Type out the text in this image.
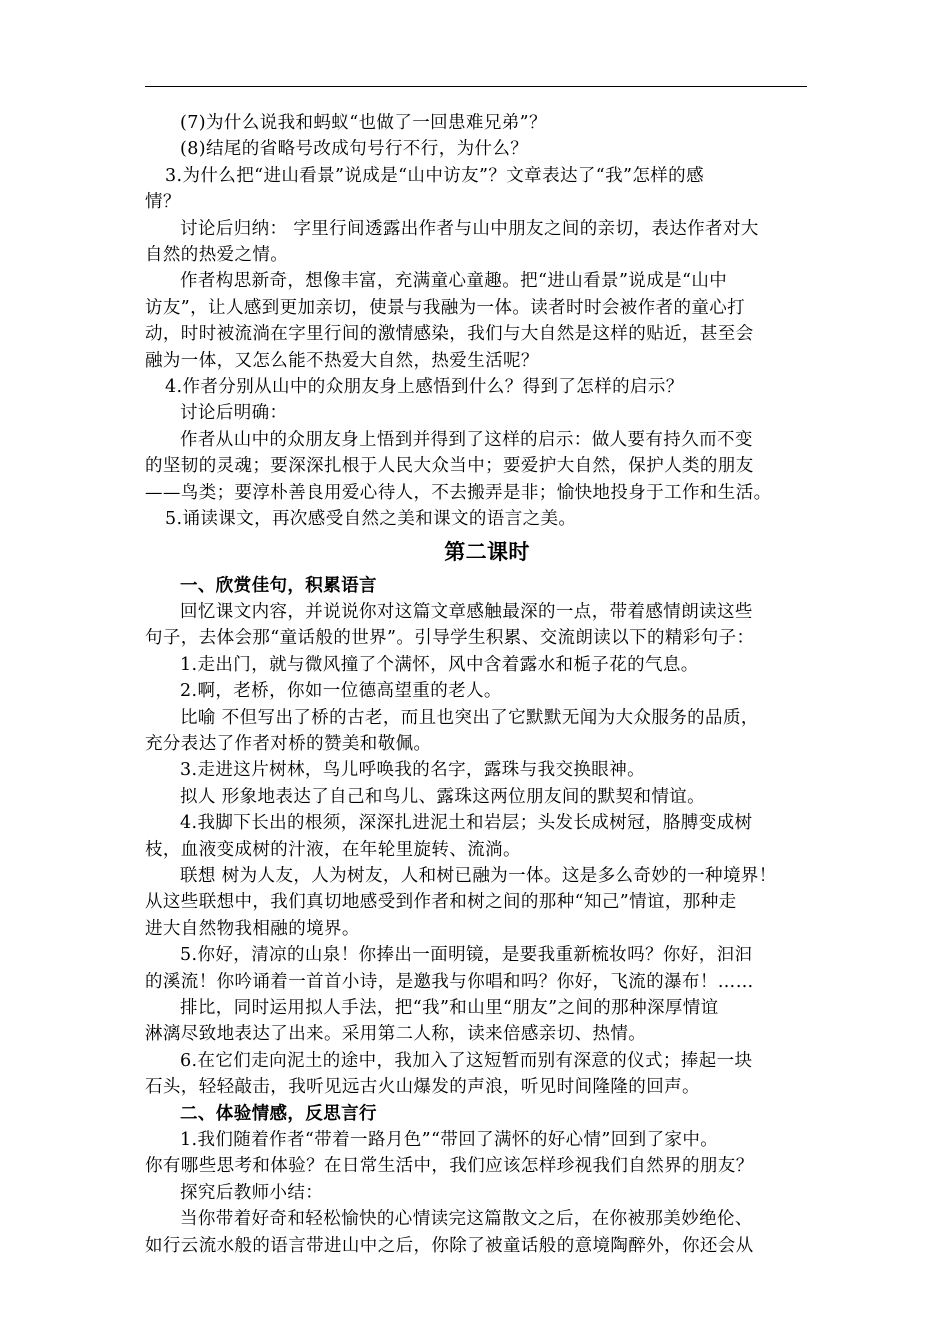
(7)为什么说我和蚂蚁“也做了一回患难兄弟”？

(8)结尾的省略号改成句号行不行，为什么？

3.为什么把“进山看景”说成是“山中访友”？文章表达了“我”怎样的感

情？

讨论后归纳： 字里行间透露出作者与山中朋友之间的亲切，表达作者对大

自然的热爱之情。

作者构思新奇，想像丰富，充满童心童趣。把“进山看景”说成是“山中

访友”，让人感到更加亲切，使景与我融为一体。读者时时会被作者的童心打

动，时时被流淌在字里行间的激情感染，我们与大自然是这样的贴近，甚至会

融为一体，又怎么能不热爱大自然，热爱生活呢？

4.作者分别从山中的众朋友身上感悟到什么？得到了怎样的启示？

讨论后明确：

作者从山中的众朋友身上悟到并得到了这样的启示：做人要有持久而不变

的坚韧的灵魂；要深深扎根于人民大众当中；要爱护大自然，保护人类的朋友

——鸟类；要淳朴善良用爱心待人，不去搬弄是非；愉快地投身于工作和生活。

5.诵读课文，再次感受自然之美和课文的语言之美。

第二课时

一、欣赏佳句，积累语言

回忆课文内容，并说说你对这篇文章感触最深的一点，带着感情朗读这些

句子，去体会那“童话般的世界”。引导学生积累、交流朗读以下的精彩句子：

1.走出门，就与微风撞了个满怀，风中含着露水和栀子花的气息。

2.啊，老桥，你如一位德高望重的老人。

比喻 不但写出了桥的古老，而且也突出了它默默无闻为大众服务的品质，

充分表达了作者对桥的赞美和敬佩。

3.走进这片树林，鸟儿呼唤我的名字，露珠与我交换眼神。

拟人 形象地表达了自己和鸟儿、露珠这两位朋友间的默契和情谊。

4.我脚下长出的根须，深深扎进泥土和岩层；头发长成树冠，胳膊变成树

枝，血液变成树的汁液，在年轮里旋转、流淌。

联想 树为人友，人为树友，人和树已融为一体。这是多么奇妙的一种境界！

从这些联想中，我们真切地感受到作者和树之间的那种“知己”情谊，那种走

进大自然物我相融的境界。

5.你好，清凉的山泉！你捧出一面明镜，是要我重新梳妆吗？你好，汩汩

的溪流！你吟诵着一首首小诗，是邀我与你唱和吗？你好，飞流的瀑布！……

排比，同时运用拟人手法，把“我”和山里“朋友”之间的那种深厚情谊

淋漓尽致地表达了出来。采用第二人称，读来倍感亲切、热情。

6.在它们走向泥土的途中，我加入了这短暂而别有深意的仪式；捧起一块

石头，轻轻敲击，我听见远古火山爆发的声浪，听见时间隆隆的回声。

二、体验情感，反思言行

1.我们随着作者“带着一路月色”“带回了满怀的好心情”回到了家中。

你有哪些思考和体验？在日常生活中，我们应该怎样珍视我们自然界的朋友？

探究后教师小结：

当你带着好奇和轻松愉快的心情读完这篇散文之后，在你被那美妙绝伦、

如行云流水般的语言带进山中之后，你除了被童话般的意境陶醉外，你还会从
